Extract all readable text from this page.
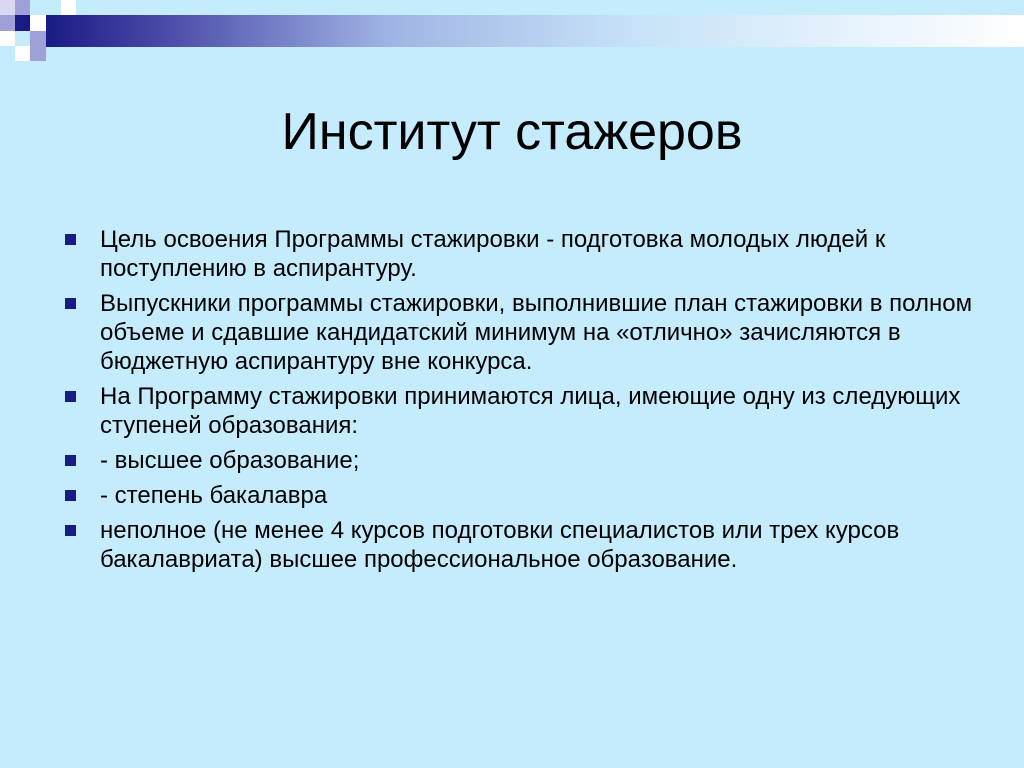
Институт стажеров
Цель освоения Программы стажировки - подготовка молодых людей к поступлению в аспирантуру.
Выпускники программы стажировки, выполнившие план стажировки в полном объеме и сдавшие кандидатский минимум на «отлично» зачисляются в бюджетную аспирантуру вне конкурса.
На Программу стажировки принимаются лица, имеющие одну из следующих ступеней образования:
- высшее образование;
- степень бакалавра
неполное (не менее 4 курсов подготовки специалистов или трех курсов бакалавриата) высшее профессиональное образование.
